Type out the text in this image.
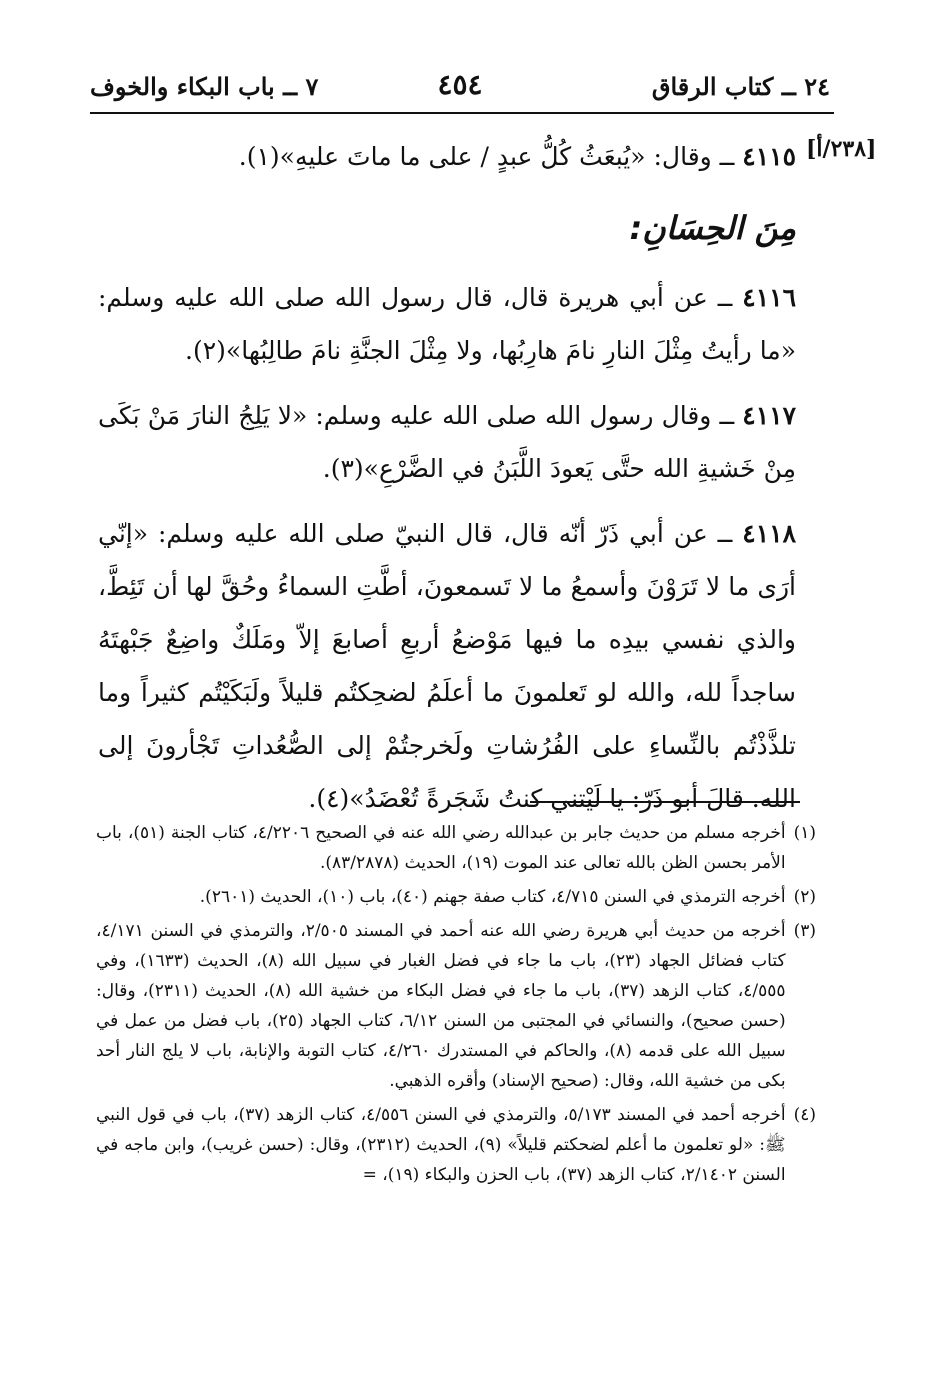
٢٤ ــ كتاب الرقاق
٤٥٤
٧ ــ باب البكاء والخوف
[٢٣٨/أ]

٤١١٥ ــ وقال: «يُبعَثُ كُلُّ عبدٍ / على ما ماتَ عليهِ»(١).

مِنَ الحِسَانِ:

٤١١٦ ــ عن أبي هريرة قال، قال رسول الله صلى الله عليه وسلم: «ما رأيتُ مِثْلَ النارِ نامَ هارِبُها، ولا مِثْلَ الجنَّةِ نامَ طالِبُها»(٢).

٤١١٧ ــ وقال رسول الله صلى الله عليه وسلم: «لا يَلِجُ النارَ مَنْ بَكَى مِنْ خَشيةِ الله حتَّى يَعودَ اللَّبَنُ في الضَّرْعِ»(٣).

٤١١٨ ــ عن أبي ذَرّ أنّه قال، قال النبيّ صلى الله عليه وسلم: «إنّي أرَى ما لا تَرَوْنَ وأسمعُ ما لا تَسمعونَ، أطَّتِ السماءُ وحُقَّ لها أن تَئِطَّ، والذي نفسي بيدِه ما فيها مَوْضعُ أربعِ أصابعَ إلاّ ومَلَكٌ واضِعٌ جَبْهتَهُ ساجداً لله، والله لو تَعلمونَ ما أعلَمُ لضحِكتُم قليلاً ولَبَكَيْتُم كثيراً وما تلذَّذْتُم بالنِّساءِ على الفُرُشاتِ ولَخرجتُمْ إلى الصُّعُداتِ تَجْأرونَ إلى الله. قالَ أبو ذَرّ: يا لَيْتني كنتُ شَجَرةً تُعْضَدُ»(٤).

(١)
أخرجه مسلم من حديث جابر بن عبدالله رضي الله عنه في الصحيح ٤/٢٢٠٦، كتاب الجنة (٥١)، باب الأمر بحسن الظن بالله تعالى عند الموت (١٩)، الحديث (٨٣/٢٨٧٨).
(٢)
أخرجه الترمذي في السنن ٤/٧١٥، كتاب صفة جهنم (٤٠)، باب (١٠)، الحديث (٢٦٠١).
(٣)
أخرجه من حديث أبي هريرة رضي الله عنه أحمد في المسند ٢/٥٠٥، والترمذي في السنن ٤/١٧١، كتاب فضائل الجهاد (٢٣)، باب ما جاء في فضل الغبار في سبيل الله (٨)، الحديث (١٦٣٣)، وفي ٤/٥٥٥، كتاب الزهد (٣٧)، باب ما جاء في فضل البكاء من خشية الله (٨)، الحديث (٢٣١١)، وقال: (حسن صحيح)، والنسائي في المجتبى من السنن ٦/١٢، كتاب الجهاد (٢٥)، باب فضل من عمل في سبيل الله على قدمه (٨)، والحاكم في المستدرك ٤/٢٦٠، كتاب التوبة والإنابة، باب لا يلج النار أحد بكى من خشية الله، وقال: (صحيح الإسناد) وأقره الذهبي.
(٤)
أخرجه أحمد في المسند ٥/١٧٣، والترمذي في السنن ٤/٥٥٦، كتاب الزهد (٣٧)، باب في قول النبي ﷺ: «لو تعلمون ما أعلم لضحكتم قليلاً» (٩)، الحديث (٢٣١٢)، وقال: (حسن غريب)، وابن ماجه في السنن ٢/١٤٠٢، كتاب الزهد (٣٧)، باب الحزن والبكاء (١٩)، =
